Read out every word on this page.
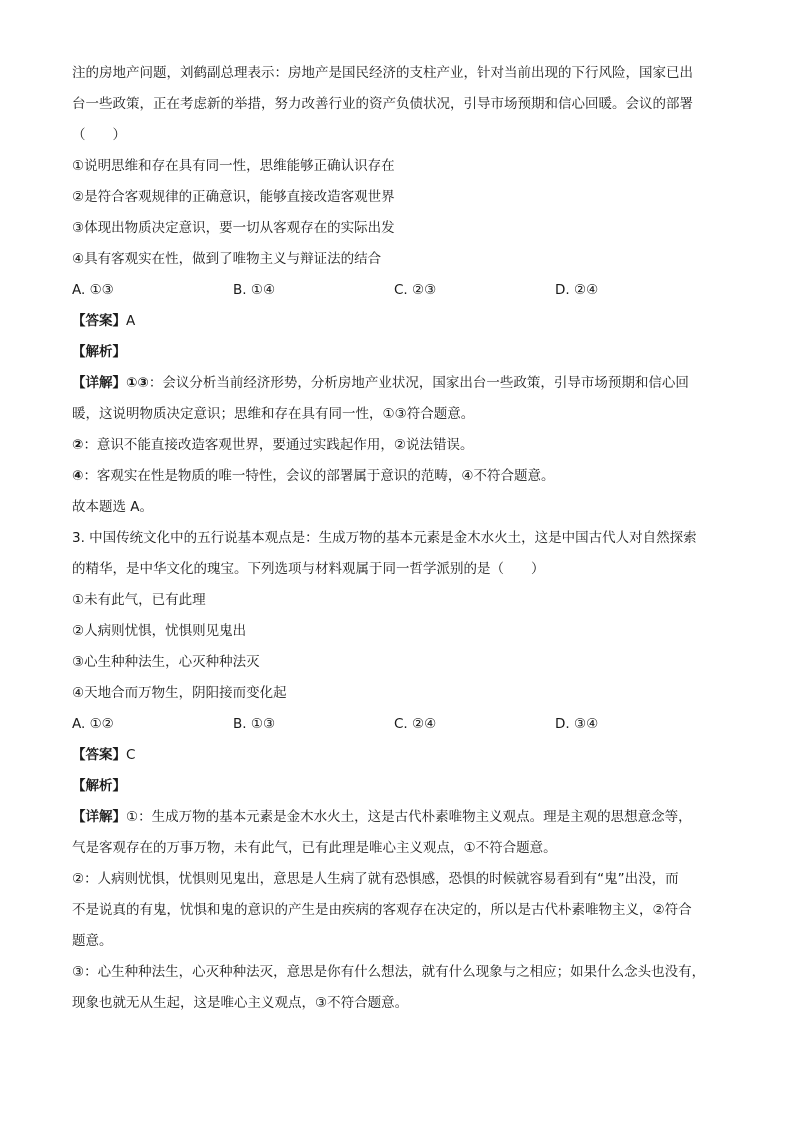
注的房地产问题，刘鹤副总理表示：房地产是国民经济的支柱产业，针对当前出现的下行风险，国家已出
台一些政策，正在考虑新的举措，努力改善行业的资产负债状况，引导市场预期和信心回暖。会议的部署
（　　）
①说明思维和存在具有同一性，思维能够正确认识存在
②是符合客观规律的正确意识，能够直接改造客观世界
③体现出物质决定意识，要一切从客观存在的实际出发
④具有客观实在性，做到了唯物主义与辩证法的结合
A. ①③	B. ①④	C. ②③	D. ②④
【答案】A
【解析】
【详解】①③：会议分析当前经济形势，分析房地产业状况，国家出台一些政策，引导市场预期和信心回
暖，这说明物质决定意识；思维和存在具有同一性，①③符合题意。
②：意识不能直接改造客观世界，要通过实践起作用，②说法错误。
④：客观实在性是物质的唯一特性，会议的部署属于意识的范畴，④不符合题意。
故本题选 A。
3. 中国传统文化中的五行说基本观点是：生成万物的基本元素是金木水火土，这是中国古代人对自然探索
的精华，是中华文化的瑰宝。下列选项与材料观属于同一哲学派别的是（　　）
①未有此气，已有此理
②人病则忧惧，忧惧则见鬼出
③心生种种法生，心灭种种法灭
④天地合而万物生，阴阳接而变化起
A. ①②	B. ①③	C. ②④	D. ③④
【答案】C
【解析】
【详解】①：生成万物的基本元素是金木水火土，这是古代朴素唯物主义观点。理是主观的思想意念等，
气是客观存在的万事万物，未有此气，已有此理是唯心主义观点，①不符合题意。
②：人病则忧惧，忧惧则见鬼出，意思是人生病了就有恐惧感，恐惧的时候就容易看到有“鬼”出没，而
不是说真的有鬼，忧惧和鬼的意识的产生是由疾病的客观存在决定的，所以是古代朴素唯物主义，②符合
题意。
③：心生种种法生，心灭种种法灭，意思是你有什么想法，就有什么现象与之相应；如果什么念头也没有，
现象也就无从生起，这是唯心主义观点，③不符合题意。
